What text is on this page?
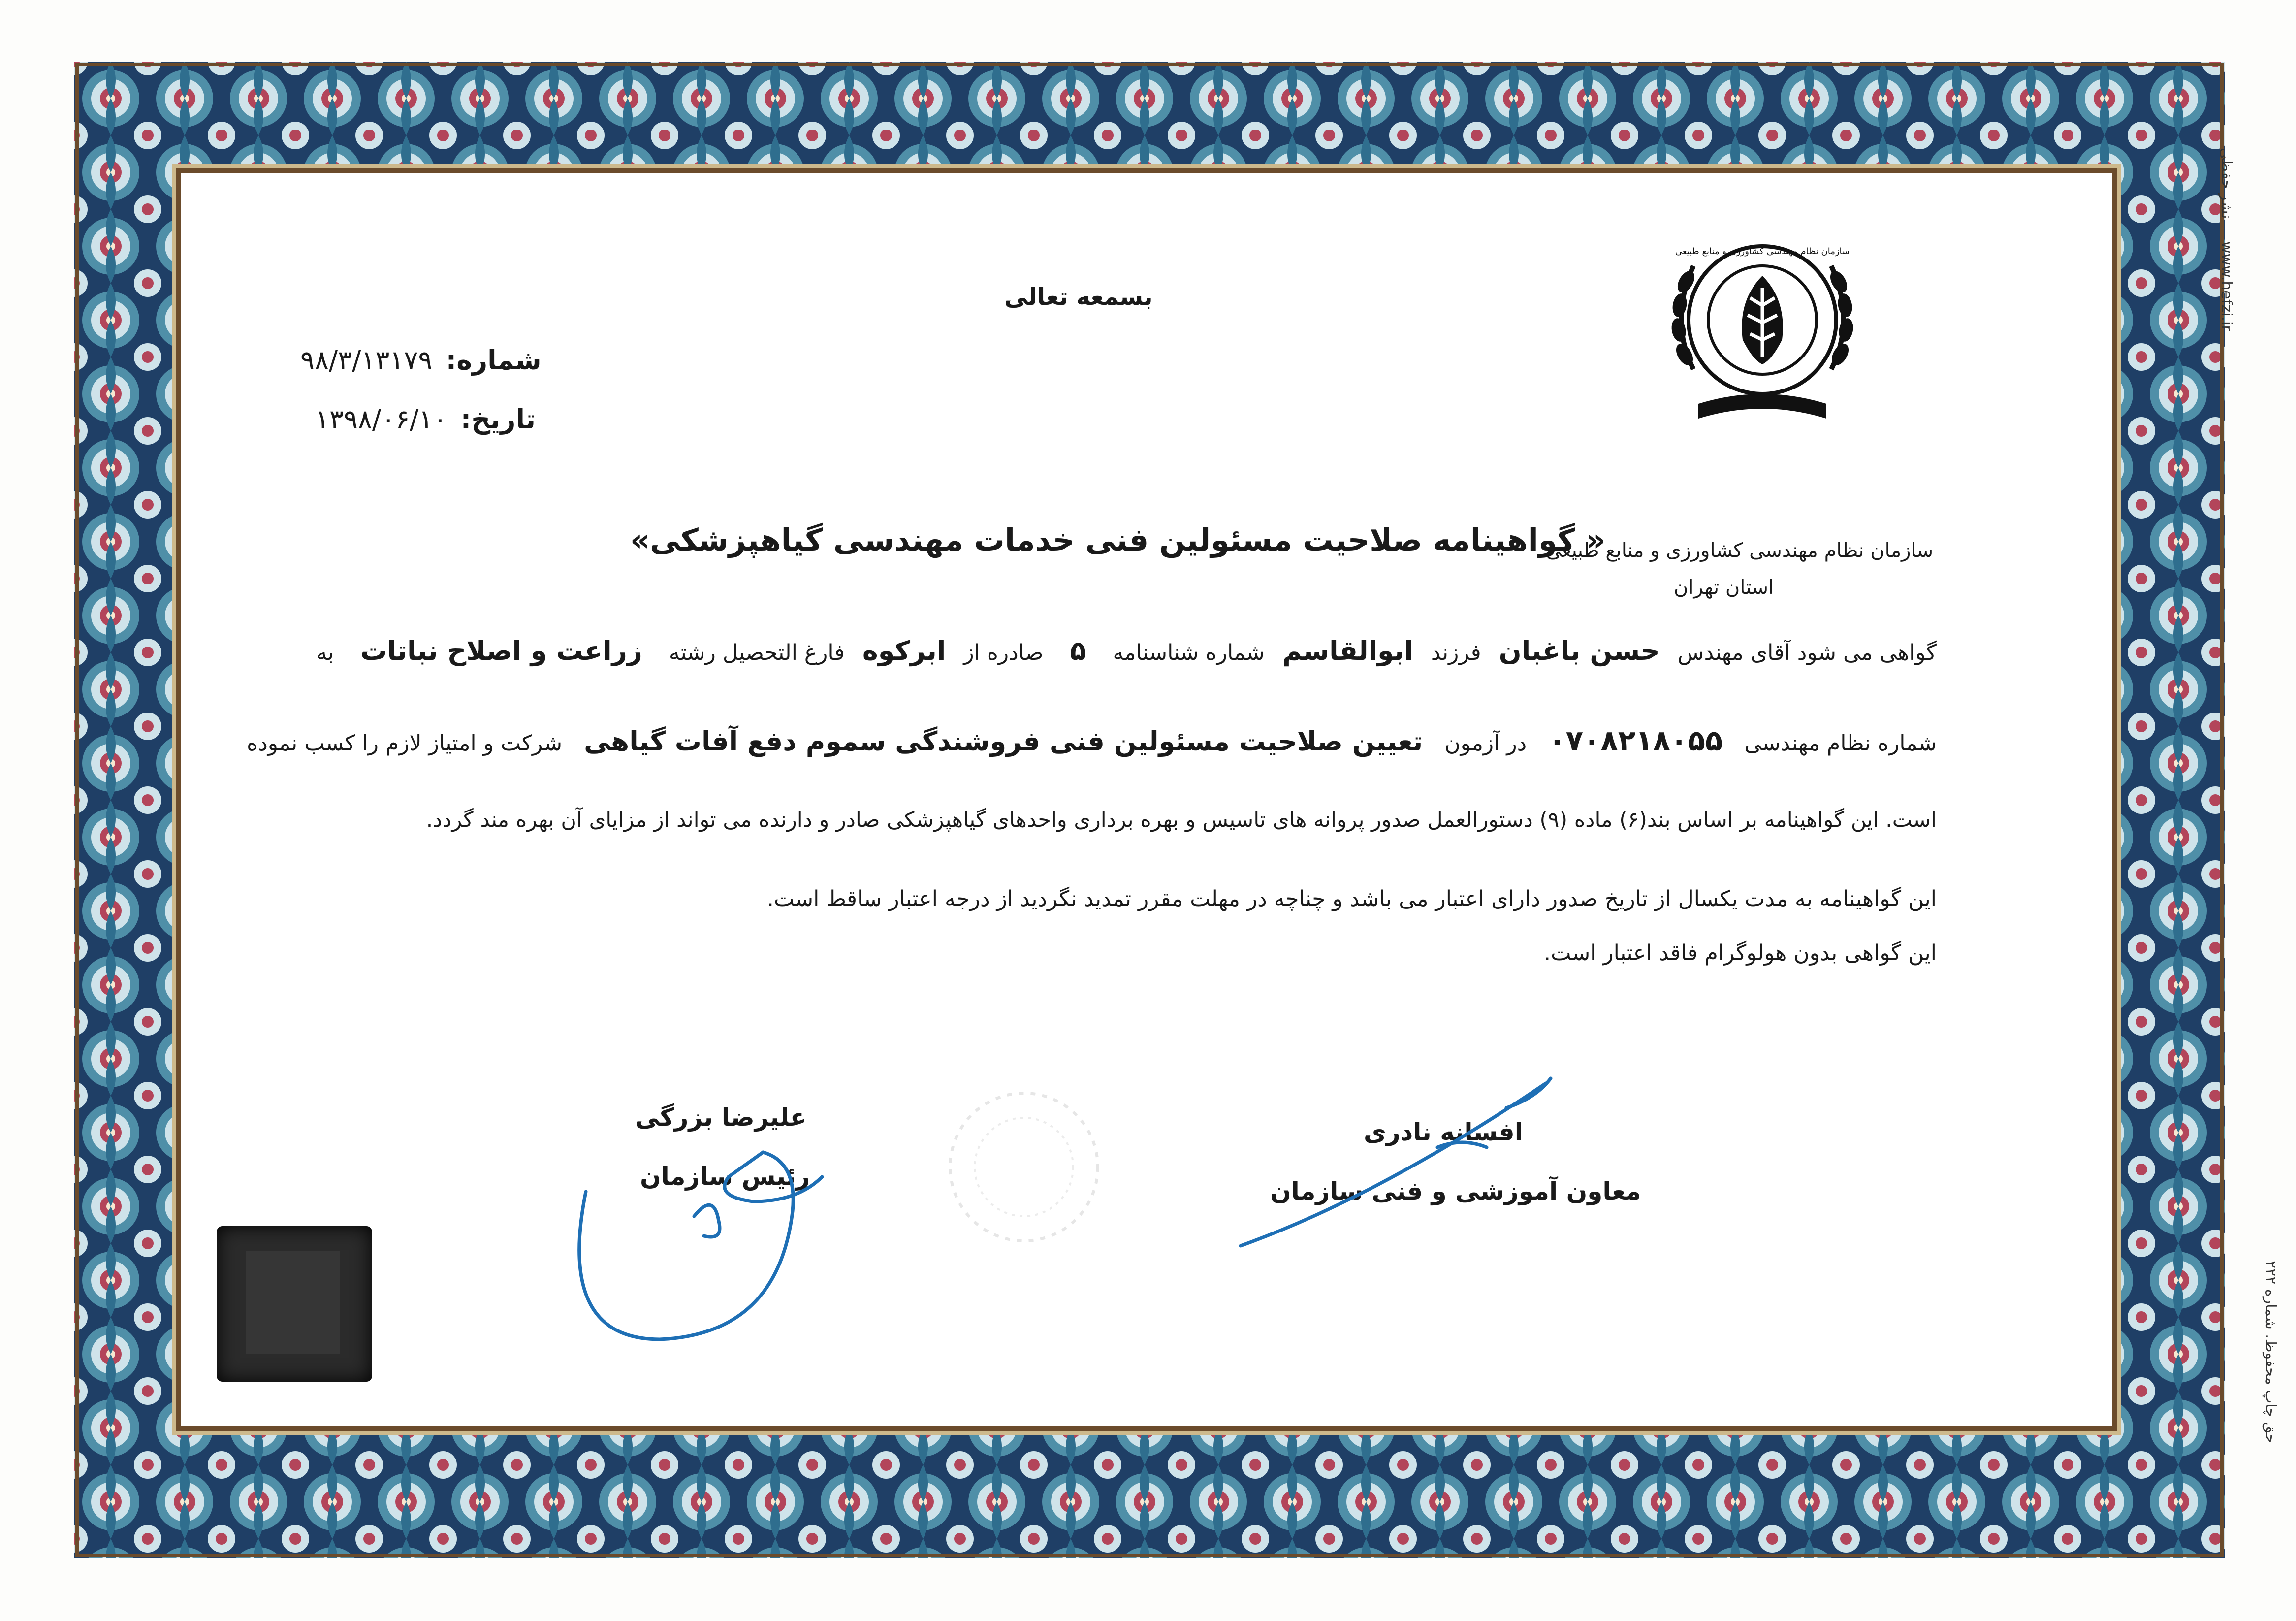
نشر حفظی
www.hefzi.ir
حق چاپ محفوظ. شماره ۲۲۲
سازمان نظام مهندسی کشاورزی و منابع طبیعی
بسمعه تعالی
شماره: ۹۸/۳/۱۳۱۷۹
تاریخ: ۱۳۹۸/۰۶/۱۰
سازمان نظام مهندسی کشاورزی و منابع طبیعی
استان تهران
« گواهینامه صلاحیت مسئولین فنی خدمات مهندسی گیاهپزشکی»
گواهی می شود آقای مهندس حسن باغبان فرزند ابوالقاسم شماره شناسنامه ۵ صادره از ابرکوه فارغ التحصیل رشته زراعت و اصلاح نباتات به
شماره نظام مهندسی ۰۷۰۸۲۱۸۰۵۵ در آزمون تعیین صلاحیت مسئولین فنی فروشندگی سموم دفع آفات گیاهی شرکت و امتیاز لازم را کسب نموده
است. این گواهینامه بر اساس بند(۶) ماده (۹) دستورالعمل صدور پروانه های تاسیس و بهره برداری واحدهای گیاهپزشکی صادر و دارنده می تواند از مزایای آن بهره مند گردد.
این گواهینامه به مدت یکسال از تاریخ صدور دارای اعتبار می باشد و چناچه در مهلت مقرر تمدید نگردید از درجه اعتبار ساقط است.
این گواهی بدون هولوگرام فاقد اعتبار است.
علیرضا بزرگی
رئیس سازمان
افسانه نادری
معاون آموزشی و فنی سازمان
